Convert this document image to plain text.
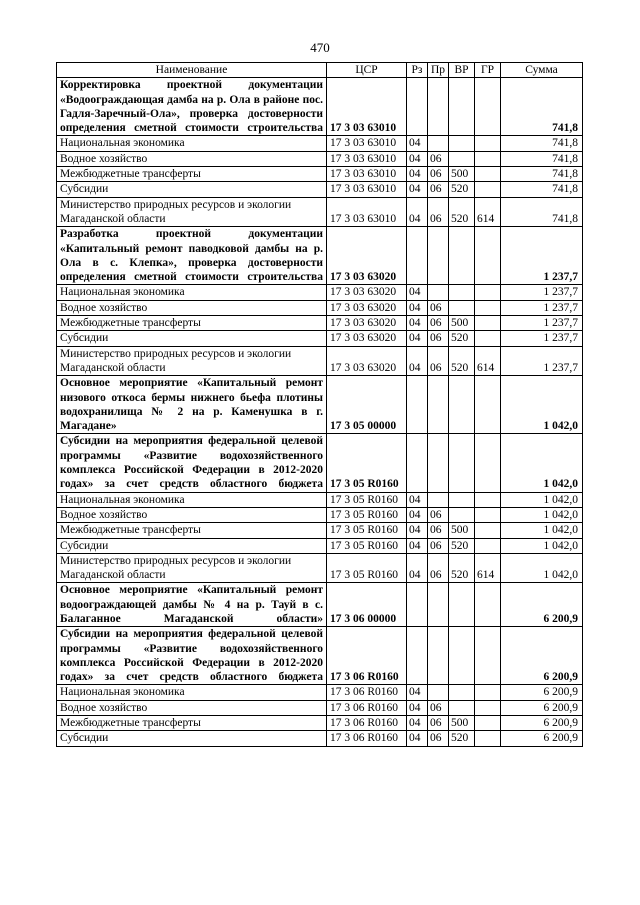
470
Наименование	ЦСР	Рз	Пр	ВР	ГР	Сумма
Корректировка проектной документации «Водоограждающая дамба на р. Ола в районе пос. Гадля-Заречный-Ола», проверка достоверности определения сметной стоимости строительства	17 3 03 63010					741,8
Национальная экономика	17 3 03 63010	04				741,8
Водное хозяйство	17 3 03 63010	04	06			741,8
Межбюджетные трансферты	17 3 03 63010	04	06	500		741,8
Субсидии	17 3 03 63010	04	06	520		741,8
Министерство природных ресурсов и экологии Магаданской области	17 3 03 63010	04	06	520	614	741,8
Разработка проектной документации «Капитальный ремонт паводковой дамбы на р. Ола в с. Клепка», проверка достоверности определения сметной стоимости строительства	17 3 03 63020					1 237,7
Национальная экономика	17 3 03 63020	04				1 237,7
Водное хозяйство	17 3 03 63020	04	06			1 237,7
Межбюджетные трансферты	17 3 03 63020	04	06	500		1 237,7
Субсидии	17 3 03 63020	04	06	520		1 237,7
Министерство природных ресурсов и экологии Магаданской области	17 3 03 63020	04	06	520	614	1 237,7
Основное мероприятие «Капитальный ремонт низового откоса бермы нижнего бьефа плотины водохранилища № 2 на р. Каменушка в г. Магадане»	17 3 05 00000					1 042,0
Субсидии на мероприятия федеральной целевой программы «Развитие водохозяйственного комплекса Российской Федерации в 2012-2020 годах» за счет средств областного бюджета	17 3 05 R0160					1 042,0
Национальная экономика	17 3 05 R0160	04				1 042,0
Водное хозяйство	17 3 05 R0160	04	06			1 042,0
Межбюджетные трансферты	17 3 05 R0160	04	06	500		1 042,0
Субсидии	17 3 05 R0160	04	06	520		1 042,0
Министерство природных ресурсов и экологии Магаданской области	17 3 05 R0160	04	06	520	614	1 042,0
Основное мероприятие «Капитальный ремонт водоограждающей дамбы № 4 на р. Тауй в с. Балаганное Магаданской области»	17 3 06 00000					6 200,9
Субсидии на мероприятия федеральной целевой программы «Развитие водохозяйственного комплекса Российской Федерации в 2012-2020 годах» за счет средств областного бюджета	17 3 06 R0160					6 200,9
Национальная экономика	17 3 06 R0160	04				6 200,9
Водное хозяйство	17 3 06 R0160	04	06			6 200,9
Межбюджетные трансферты	17 3 06 R0160	04	06	500		6 200,9
Субсидии	17 3 06 R0160	04	06	520		6 200,9
